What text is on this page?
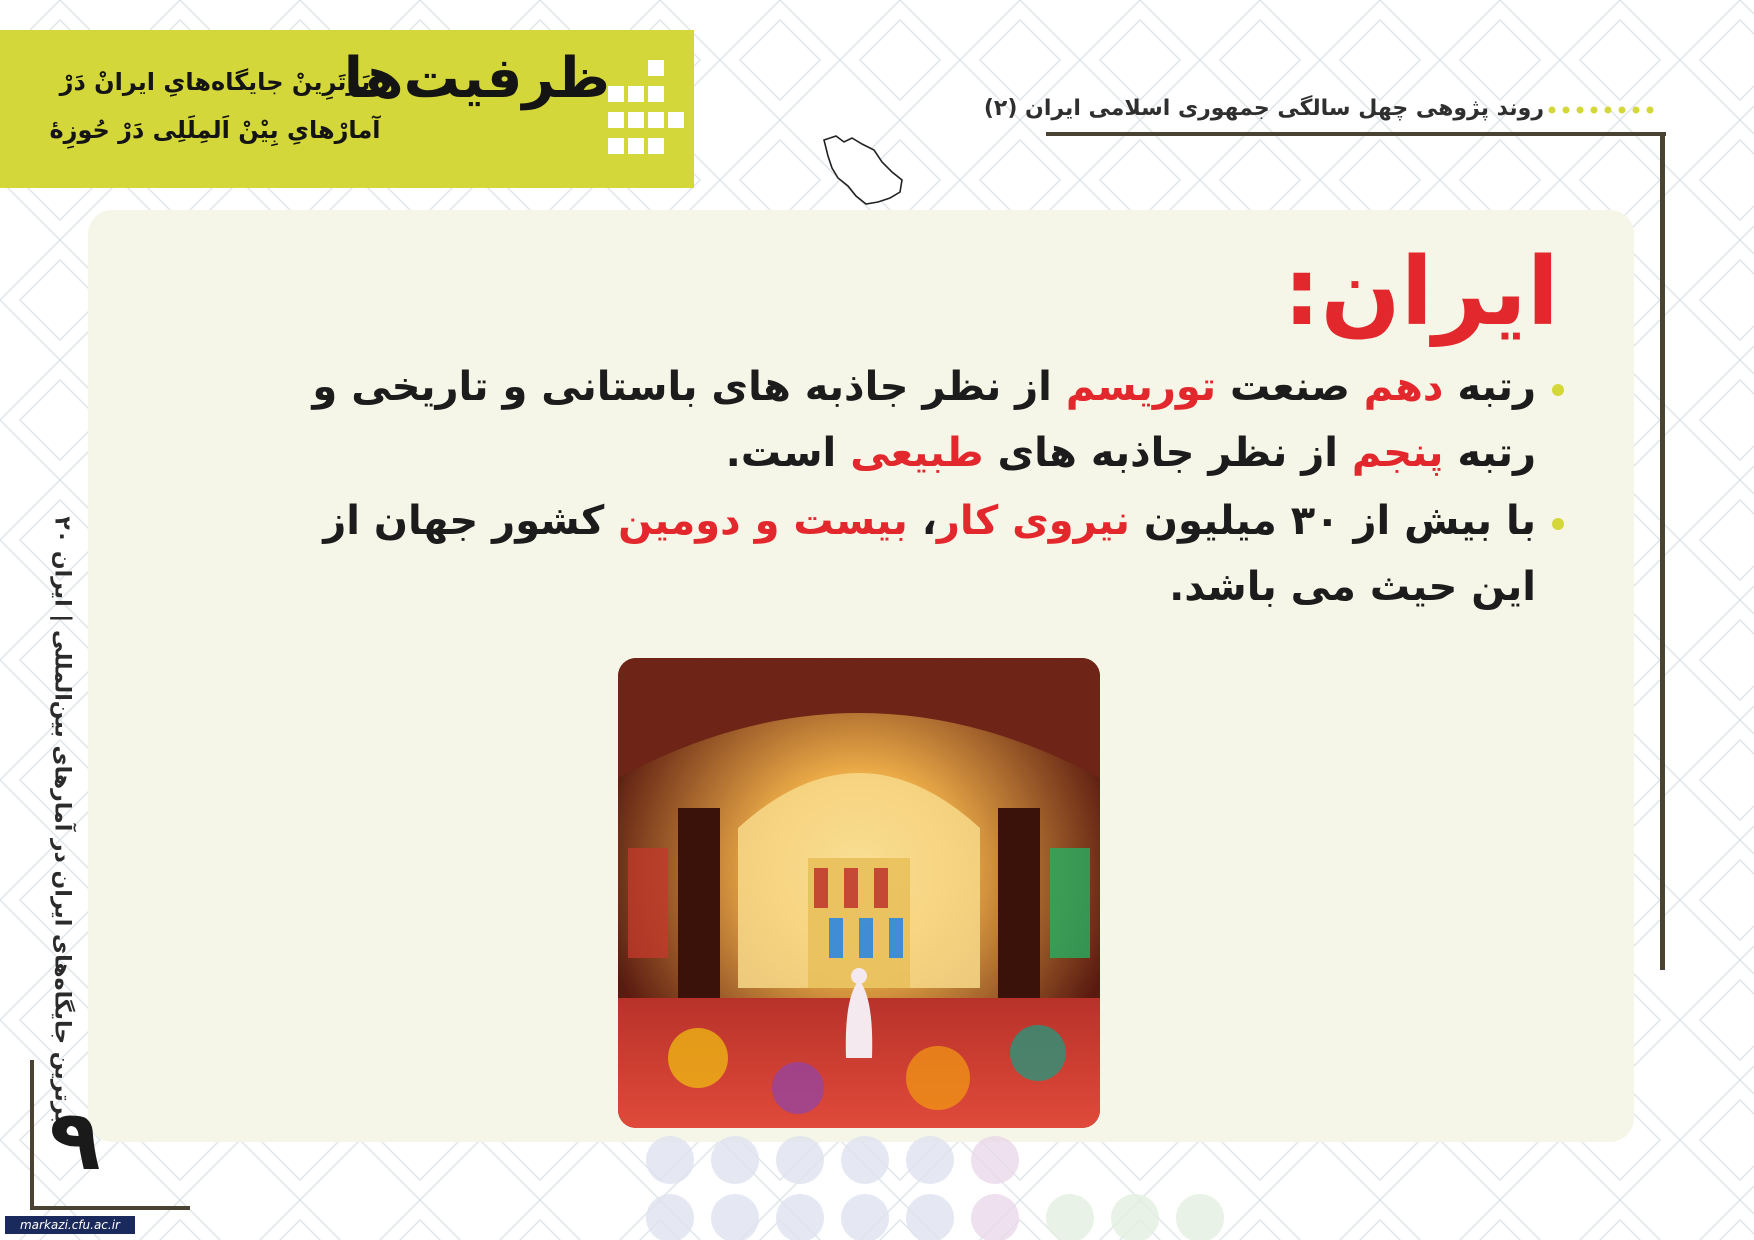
ظرفیت‌ها
بَرتَرِینْ جایگاه‌هایِ ایرانْ دَرْ
آمارْهایِ بِیْنْ اَلمِلَلِی دَرْ حُوزِهٔ
روند پژوهی چهل سالگی جمهوری اسلامی ایران (۲)
ایران:
رتبه دهم صنعت توریسم از نظر جاذبه های باستانی و تاریخی و رتبه پنجم از نظر جاذبه های طبیعی است.
با بیش از ۳۰ میلیون نیروی کار، بیست و دومین کشور جهان از این حیث می باشد.
برترین جایگاه‌های ایران در آمارهای بین‌المللی | ایران ۲۰
۹
markazi.cfu.ac.ir
